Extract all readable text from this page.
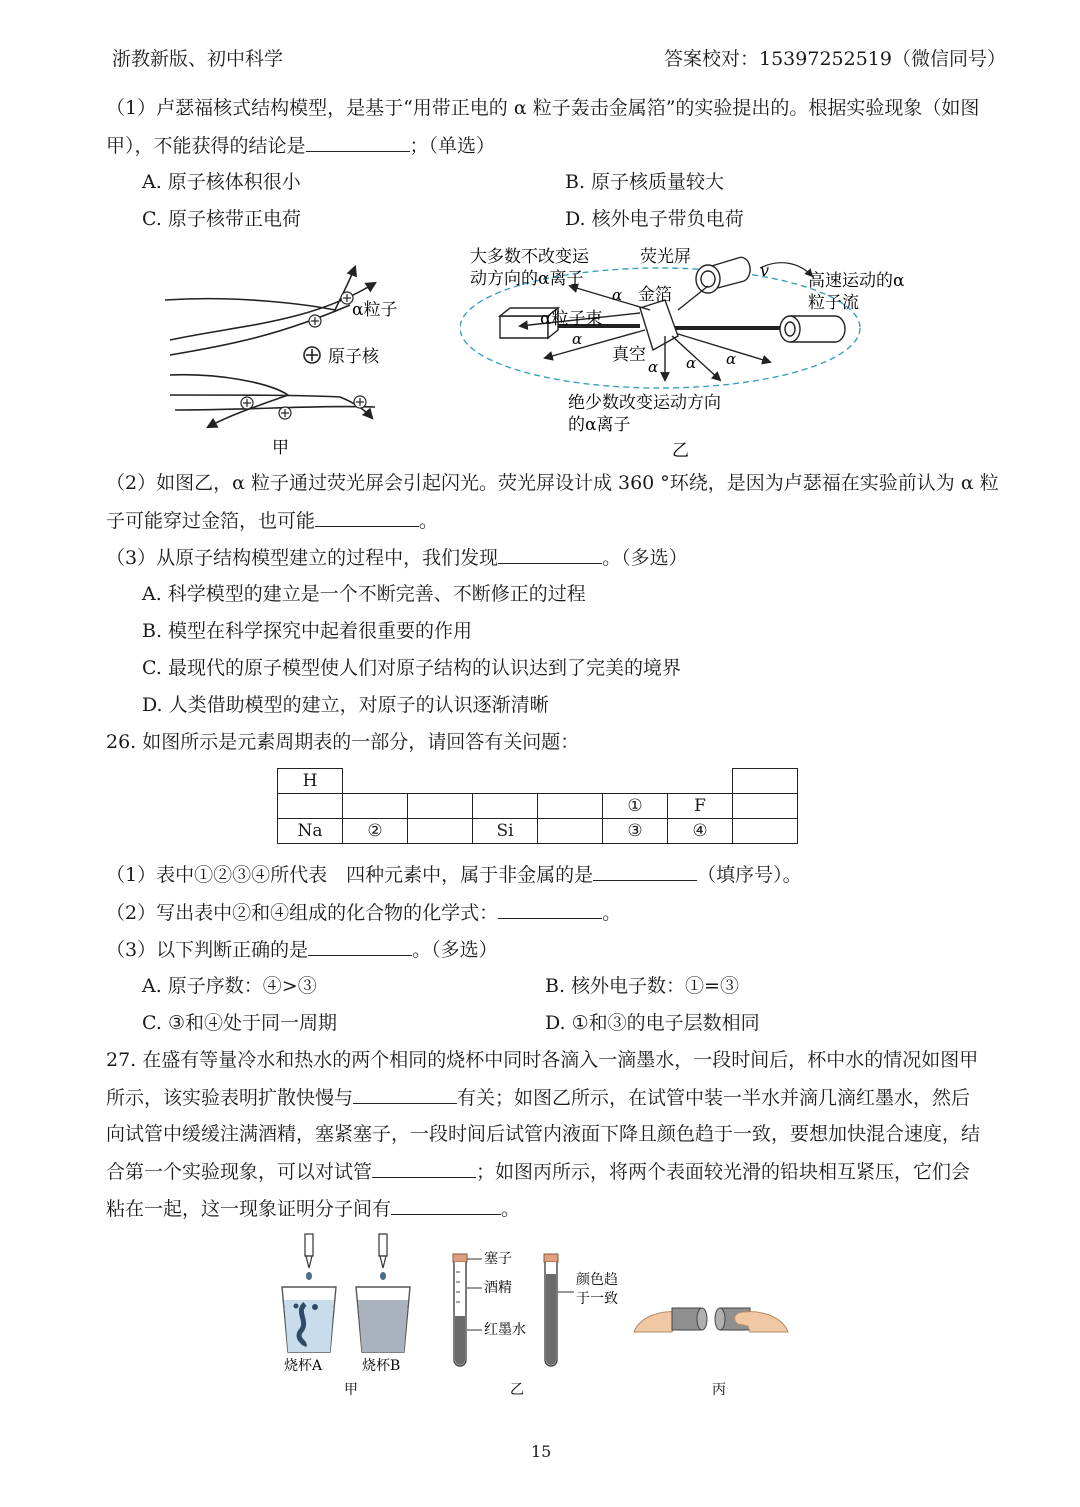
浙教新版、初中科学	答案校对：15397252519（微信同号）
（1）卢瑟福核式结构模型，是基于“用带正电的 α 粒子轰击金属箔”的实验提出的。根据实验现象（如图
甲），不能获得的结论是	；（单选）
A. 原子核体积很小	B. 原子核质量较大
C. 原子核带正电荷	D. 核外电子带负电荷
α粒子
原子核
甲
大多数不改变运
动方向的α离子
荧光屏
v
高速运动的α
粒子流
金箔
α
α粒子束
α
真空
α α α
绝少数改变运动方向
的α离子
乙
（2）如图乙，α 粒子通过荧光屏会引起闪光。荧光屏设计成 360 °环绕，是因为卢瑟福在实验前认为 α 粒
子可能穿过金箔，也可能	。
（3）从原子结构模型建立的过程中，我们发现	。（多选）
A. 科学模型的建立是一个不断完善、不断修正的过程
B. 模型在科学探究中起着很重要的作用
C. 最现代的原子模型使人们对原子结构的认识达到了完美的境界
D. 人类借助模型的建立，对原子的认识逐渐清晰
26. 如图所示是元素周期表的一部分，请回答有关问题：
H							
					①	F	
Na	②		Si		③	④	
（1）表中①②③④所代表　四种元素中，属于非金属的是	（填序号）。
（2）写出表中②和④组成的化合物的化学式：	。
（3）以下判断正确的是	。（多选）
A. 原子序数：④>③	B. 核外电子数：①=③
C. ③和④处于同一周期	D. ①和③的电子层数相同
27. 在盛有等量冷水和热水的两个相同的烧杯中同时各滴入一滴墨水，一段时间后，杯中水的情况如图甲
所示，该实验表明扩散快慢与	有关；如图乙所示，在试管中装一半水并滴几滴红墨水，然后
向试管中缓缓注满酒精，塞紧塞子，一段时间后试管内液面下降且颜色趋于一致，要想加快混合速度，结
合第一个实验现象，可以对试管	；如图丙所示，将两个表面较光滑的铅块相互紧压，它们会
粘在一起，这一现象证明分子间有	。
烧杯A	烧杯B
甲
塞子
酒精
红墨水
颜色趋
于一致
乙	丙
15
